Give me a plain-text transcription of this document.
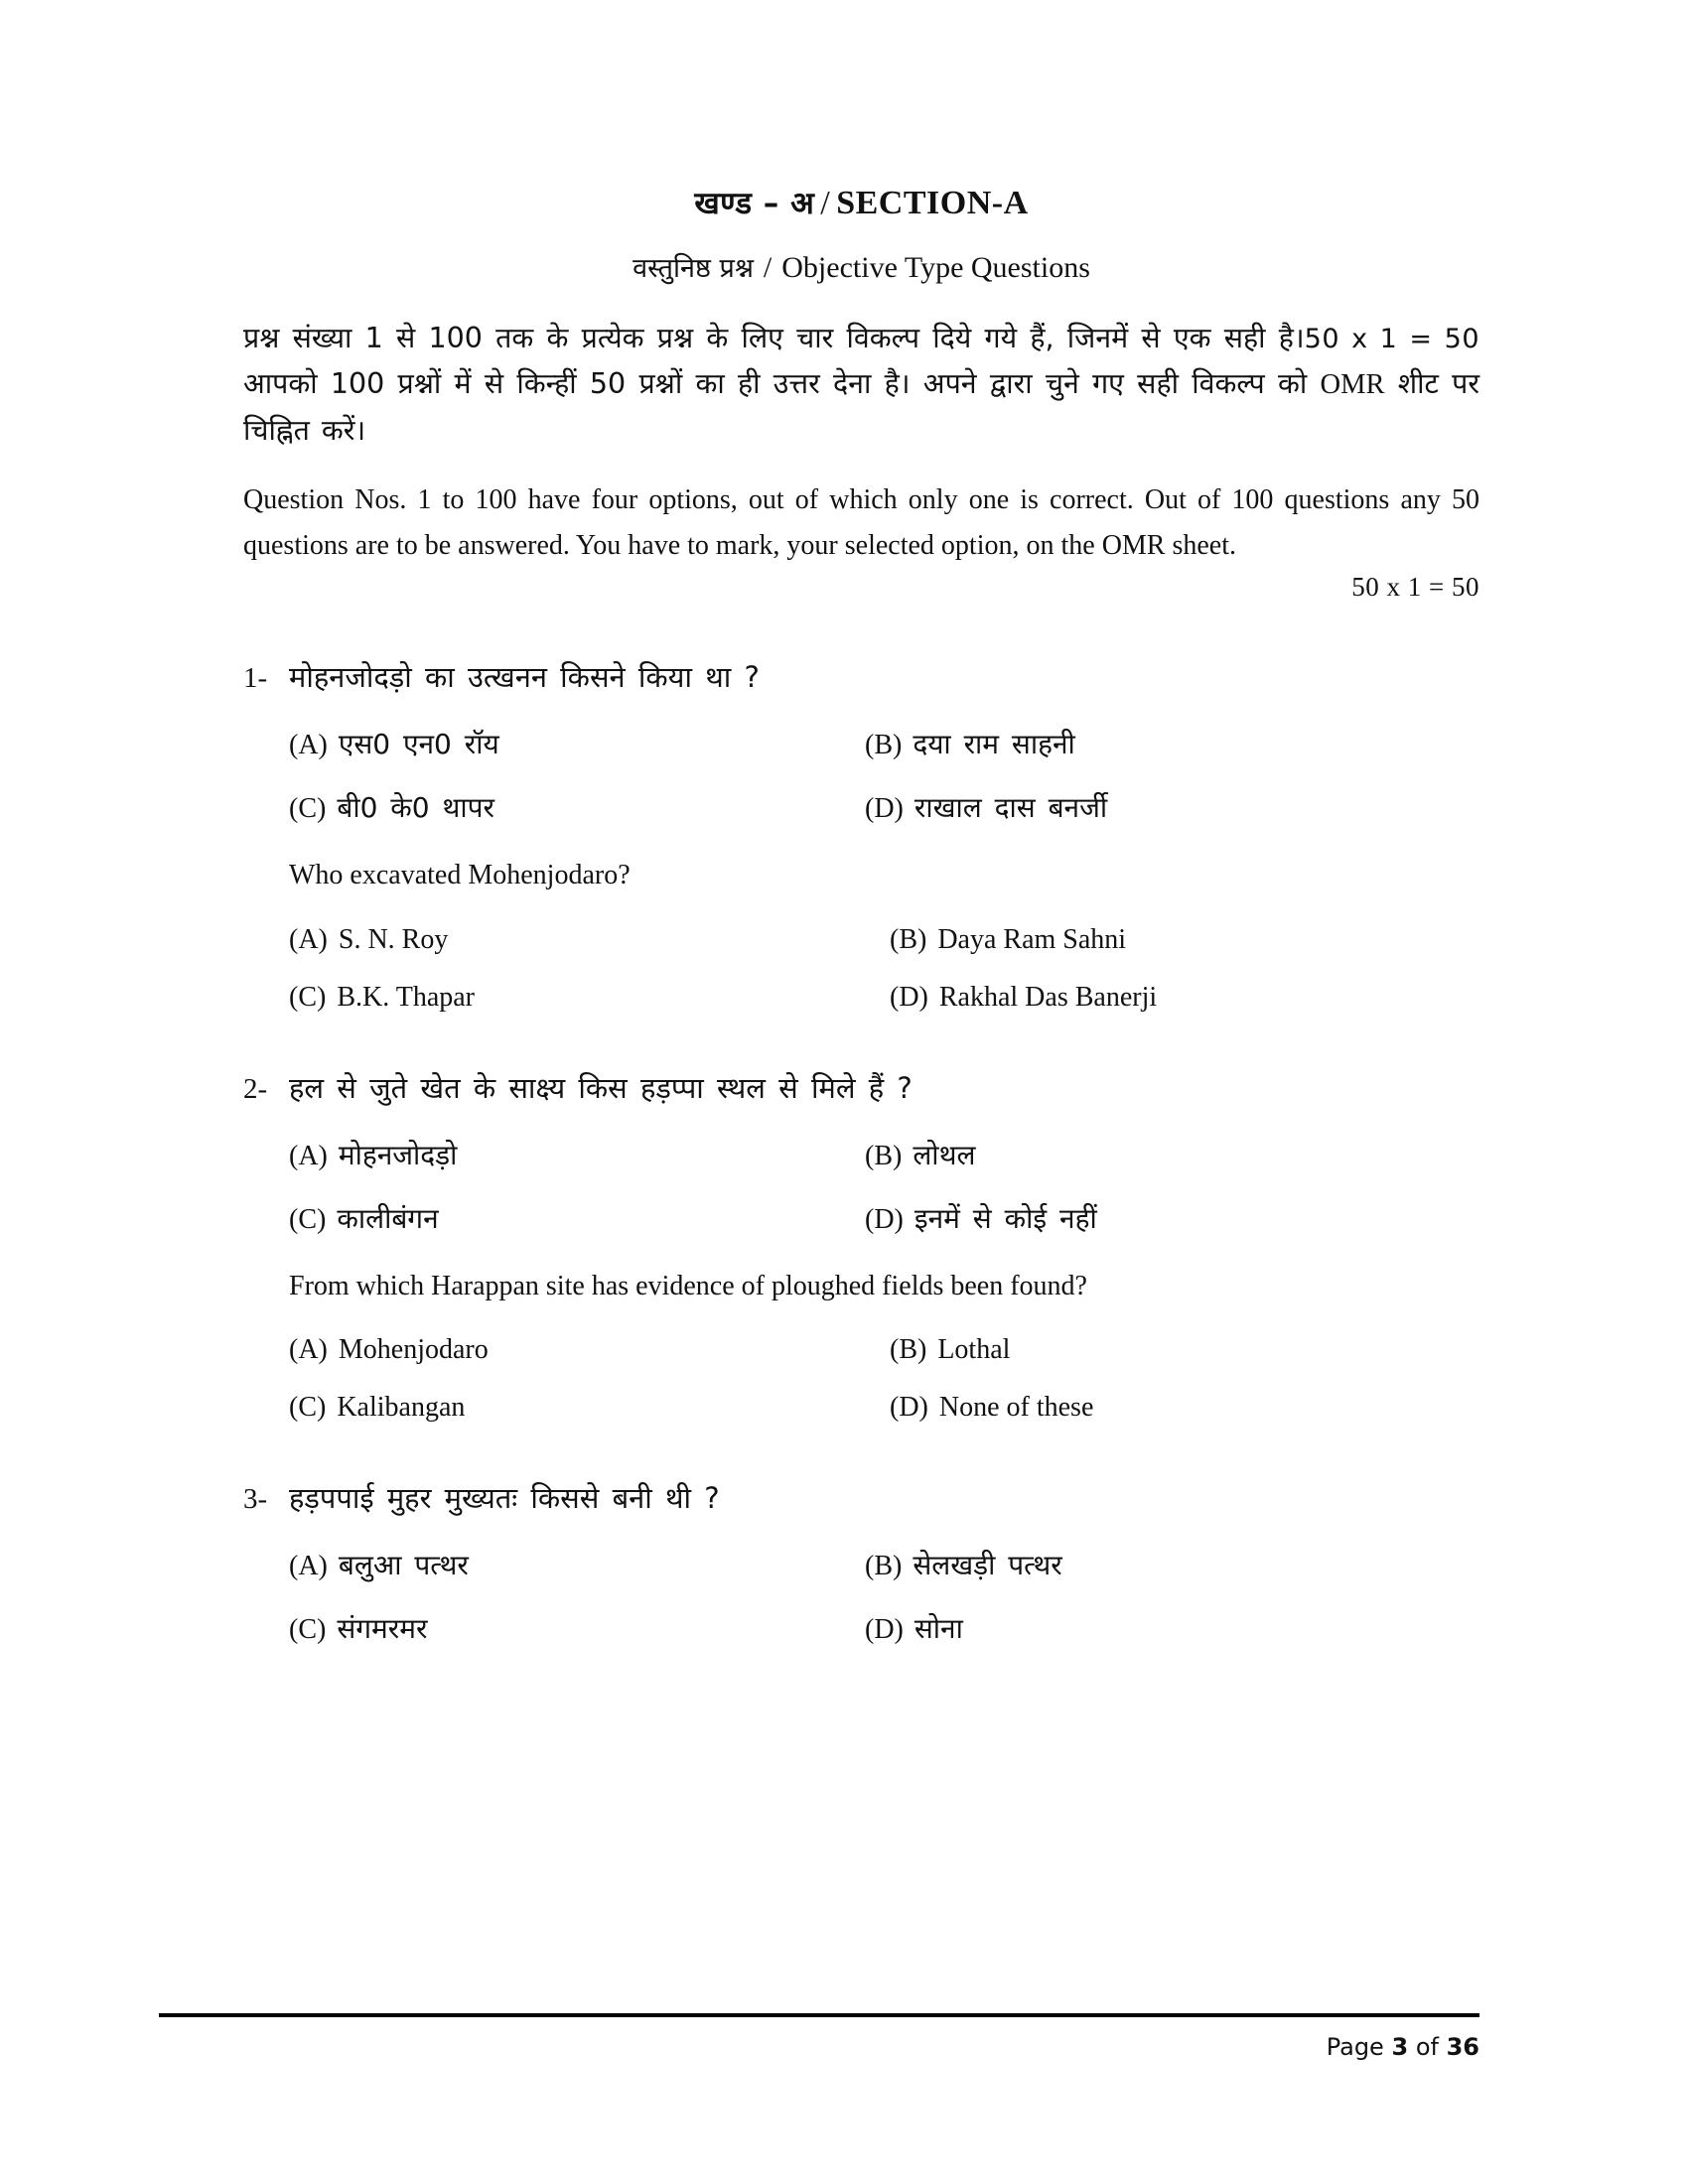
खण्ड – अ / SECTION-A
वस्तुनिष्ठ प्रश्न / Objective Type Questions
50 x 1 = 50
प्रश्न संख्या 1 से 100 तक के प्रत्येक प्रश्न के लिए चार विकल्प दिये गये हैं, जिनमें से एक सही है। आपको 100 प्रश्नों में से किन्हीं 50 प्रश्नों का ही उत्तर देना है। अपने द्वारा चुने गए सही विकल्प को OMR शीट पर चिह्नित करें।
Question Nos. 1 to 100 have four options, out of which only one is correct. Out of 100 questions any 50 questions are to be answered. You have to mark, your selected option, on the OMR sheet.
50 x 1 = 50
1- मोहनजोदड़ो का उत्खनन किसने किया था ?
(A) एस0 एन0 रॉय	(B) दया राम साहनी
(C) बी0 के0 थापर	(D) राखाल दास बनर्जी
Who excavated Mohenjodaro?
(A) S. N. Roy	(B) Daya Ram Sahni
(C) B.K. Thapar	(D) Rakhal Das Banerji
2- हल से जुते खेत के साक्ष्य किस हड़प्पा स्थल से मिले हैं ?
(A) मोहनजोदड़ो	(B) लोथल
(C) कालीबंगन	(D) इनमें से कोई नहीं
From which Harappan site has evidence of ploughed fields been found?
(A) Mohenjodaro	(B) Lothal
(C) Kalibangan	(D) None of these
3- हड़पपाई मुहर मुख्यतः किससे बनी थी ?
(A) बलुआ पत्थर	(B) सेलखड़ी पत्थर
(C) संगमरमर	(D) सोना
Page 3 of 36
